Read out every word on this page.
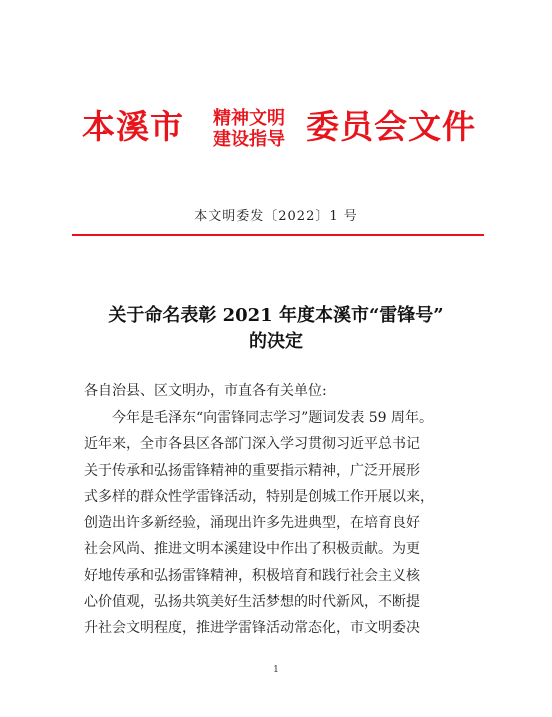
本溪市 精神文明
建设指导 委员会文件
本文明委发〔2022〕1 号
关于命名表彰 2021 年度本溪市“雷锋号”
的决定
各自治县、区文明办，市直各有关单位:
今年是毛泽东“向雷锋同志学习”题词发表 59 周年。
近年来，全市各县区各部门深入学习贯彻习近平总书记
关于传承和弘扬雷锋精神的重要指示精神，广泛开展形
式多样的群众性学雷锋活动，特别是创城工作开展以来，
创造出许多新经验，涌现出许多先进典型，在培育良好
社会风尚、推进文明本溪建设中作出了积极贡献。为更
好地传承和弘扬雷锋精神，积极培育和践行社会主义核
心价值观，弘扬共筑美好生活梦想的时代新风，不断提
升社会文明程度，推进学雷锋活动常态化，市文明委决
1
